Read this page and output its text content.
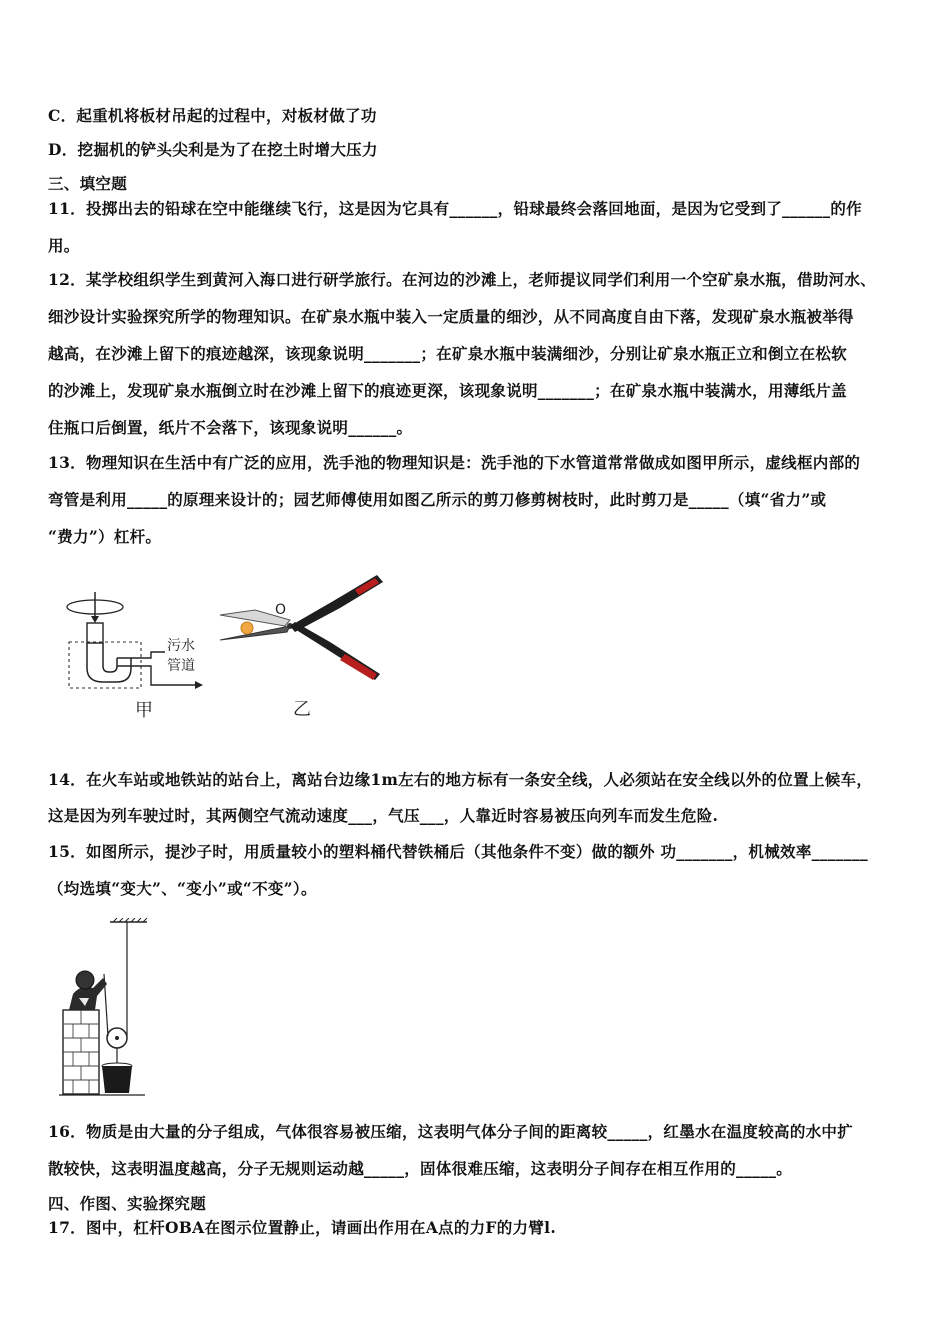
C．起重机将板材吊起的过程中，对板材做了功
D．挖掘机的铲头尖利是为了在挖土时增大压力
三、填空题
11．投掷出去的铅球在空中能继续飞行，这是因为它具有______，铅球最终会落回地面，是因为它受到了______的作
用。
12．某学校组织学生到黄河入海口进行研学旅行。在河边的沙滩上，老师提议同学们利用一个空矿泉水瓶，借助河水、
细沙设计实验探究所学的物理知识。在矿泉水瓶中装入一定质量的细沙，从不同高度自由下落，发现矿泉水瓶被举得
越高，在沙滩上留下的痕迹越深，该现象说明_______；在矿泉水瓶中装满细沙，分别让矿泉水瓶正立和倒立在松软
的沙滩上，发现矿泉水瓶倒立时在沙滩上留下的痕迹更深，该现象说明_______；在矿泉水瓶中装满水，用薄纸片盖
住瓶口后倒置，纸片不会落下，该现象说明______。
13．物理知识在生活中有广泛的应用，洗手池的物理知识是：洗手池的下水管道常常做成如图甲所示，虚线框内部的
弯管是利用_____的原理来设计的；园艺师傅使用如图乙所示的剪刀修剪树枝时，此时剪刀是_____（填“省力”或
“费力”）杠杆。
污水
管道
甲
O
乙
14．在火车站或地铁站的站台上，离站台边缘1m左右的地方标有一条安全线，人必须站在安全线以外的位置上候车，
这是因为列车驶过时，其两侧空气流动速度___，气压___，人靠近时容易被压向列车而发生危险.
15．如图所示，提沙子时，用质量较小的塑料桶代替铁桶后（其他条件不变）做的额外 功_______，机械效率_______
（均选填“变大”、“变小”或“不变”）。
16．物质是由大量的分子组成，气体很容易被压缩，这表明气体分子间的距离较_____，红墨水在温度较高的水中扩
散较快，这表明温度越高，分子无规则运动越_____，固体很难压缩，这表明分子间存在相互作用的_____。
四、作图、实验探究题
17．图中，杠杆OBA在图示位置静止，请画出作用在A点的力F的力臂l.
